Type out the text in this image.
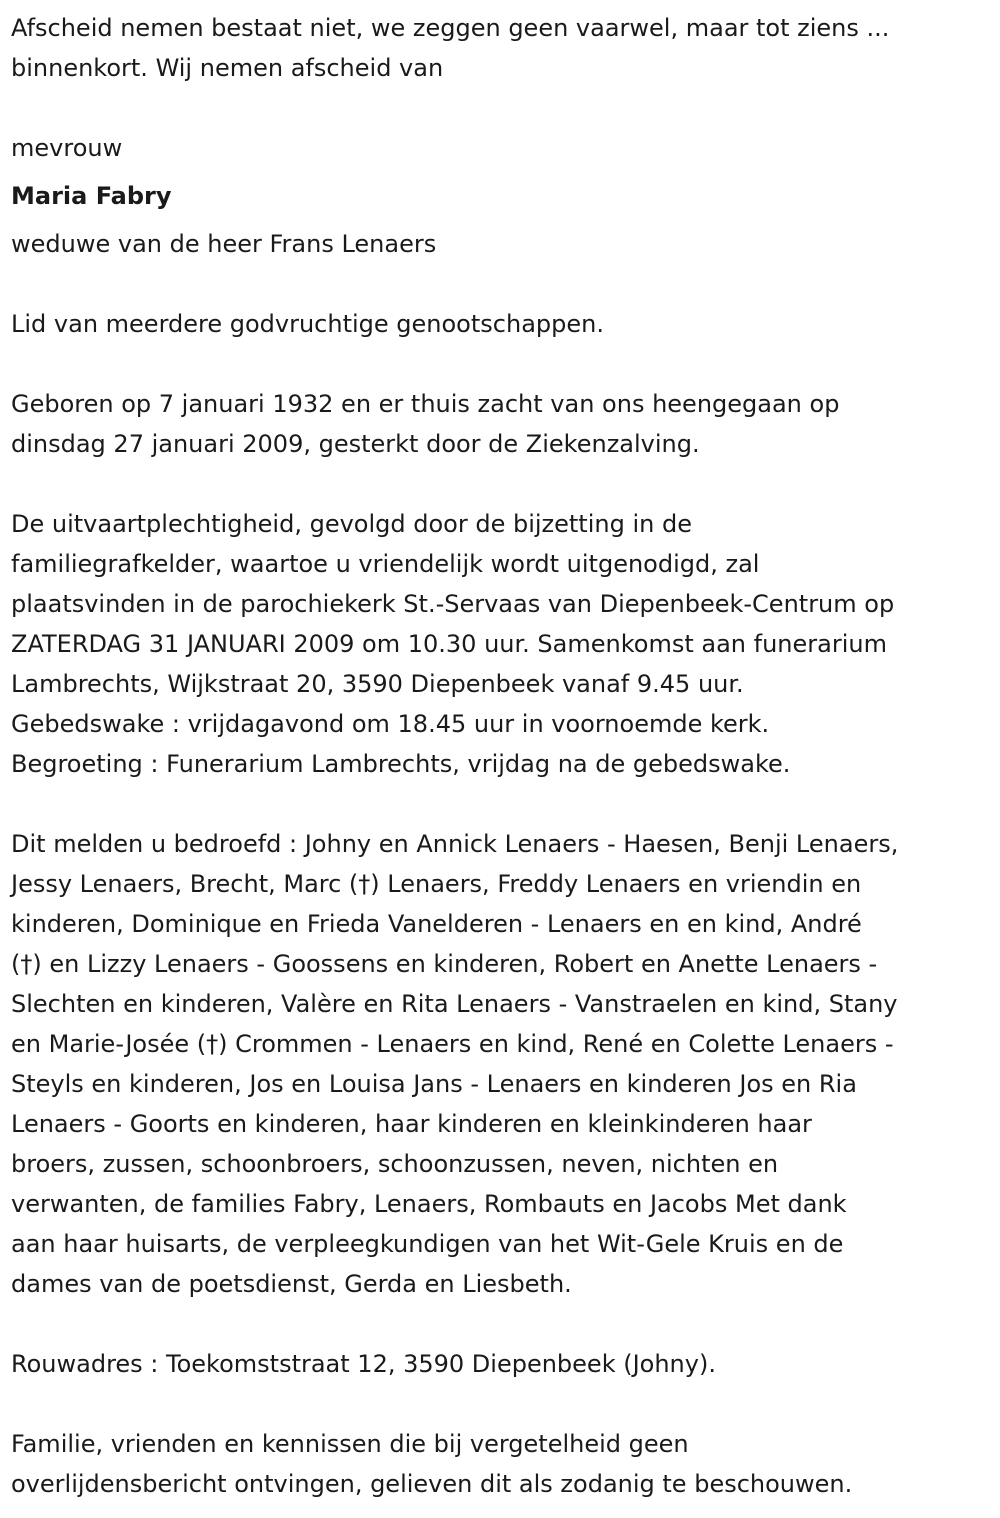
Afscheid nemen bestaat niet, we zeggen geen vaarwel, maar tot ziens ...
binnenkort. Wij nemen afscheid van

mevrouw

Maria Fabry

weduwe van de heer Frans Lenaers

Lid van meerdere godvruchtige genootschappen.

Geboren op 7 januari 1932 en er thuis zacht van ons heengegaan op
dinsdag 27 januari 2009, gesterkt door de Ziekenzalving.

De uitvaartplechtigheid, gevolgd door de bijzetting in de
familiegrafkelder, waartoe u vriendelijk wordt uitgenodigd, zal
plaatsvinden in de parochiekerk St.-Servaas van Diepenbeek-Centrum op
ZATERDAG 31 JANUARI 2009 om 10.30 uur. Samenkomst aan funerarium
Lambrechts, Wijkstraat 20, 3590 Diepenbeek vanaf 9.45 uur.
Gebedswake : vrijdagavond om 18.45 uur in voornoemde kerk.
Begroeting : Funerarium Lambrechts, vrijdag na de gebedswake.

Dit melden u bedroefd : Johny en Annick Lenaers - Haesen, Benji Lenaers,
Jessy Lenaers, Brecht, Marc (†) Lenaers, Freddy Lenaers en vriendin en
kinderen, Dominique en Frieda Vanelderen - Lenaers en en kind, André
(†) en Lizzy Lenaers - Goossens en kinderen, Robert en Anette Lenaers -
Slechten en kinderen, Valère en Rita Lenaers - Vanstraelen en kind, Stany
en Marie-Josée (†) Crommen - Lenaers en kind, René en Colette Lenaers -
Steyls en kinderen, Jos en Louisa Jans - Lenaers en kinderen Jos en Ria
Lenaers - Goorts en kinderen, haar kinderen en kleinkinderen haar
broers, zussen, schoonbroers, schoonzussen, neven, nichten en
verwanten, de families Fabry, Lenaers, Rombauts en Jacobs Met dank
aan haar huisarts, de verpleegkundigen van het Wit-Gele Kruis en de
dames van de poetsdienst, Gerda en Liesbeth.

Rouwadres : Toekomststraat 12, 3590 Diepenbeek (Johny).

Familie, vrienden en kennissen die bij vergetelheid geen
overlijdensbericht ontvingen, gelieven dit als zodanig te beschouwen.
